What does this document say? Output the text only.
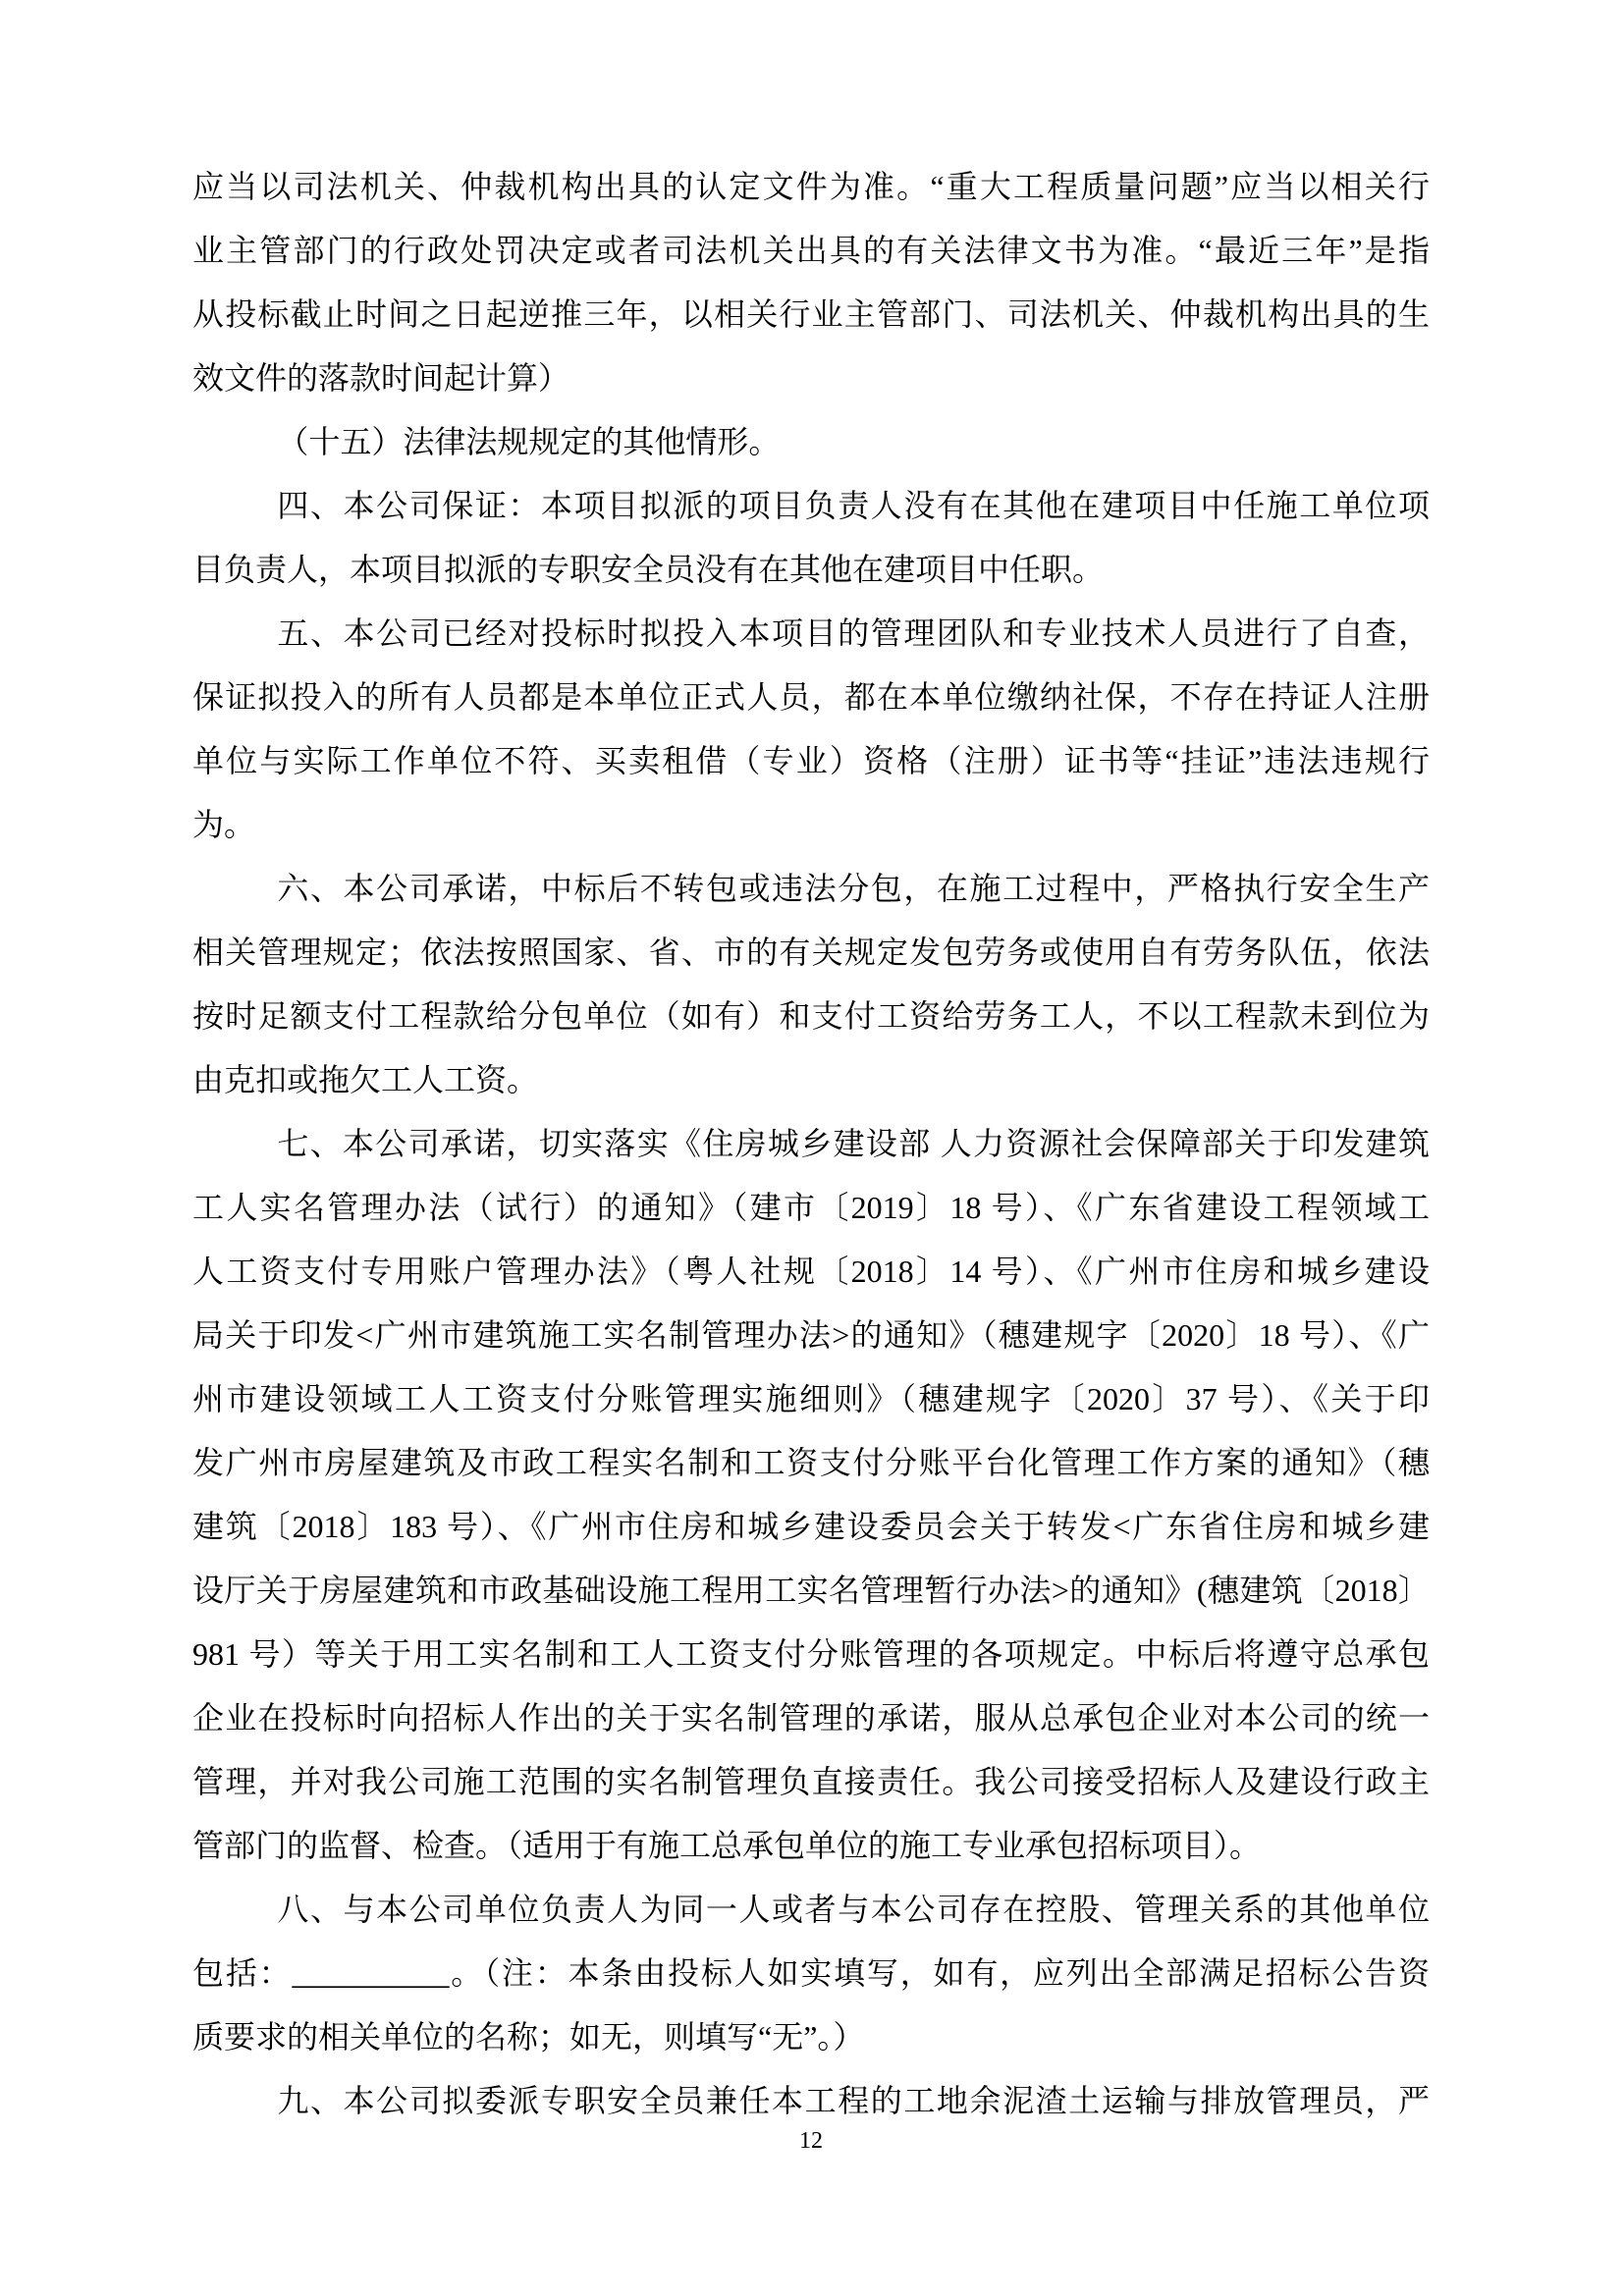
应当以司法机关、仲裁机构出具的认定文件为准。“重大工程质量问题”应当以相关行
业主管部门的行政处罚决定或者司法机关出具的有关法律文书为准。“最近三年”是指
从投标截止时间之日起逆推三年，以相关行业主管部门、司法机关、仲裁机构出具的生
效文件的落款时间起计算）
（十五）法律法规规定的其他情形。
四、本公司保证：本项目拟派的项目负责人没有在其他在建项目中任施工单位项
目负责人，本项目拟派的专职安全员没有在其他在建项目中任职。
五、本公司已经对投标时拟投入本项目的管理团队和专业技术人员进行了自查，
保证拟投入的所有人员都是本单位正式人员，都在本单位缴纳社保，不存在持证人注册
单位与实际工作单位不符、买卖租借（专业）资格（注册）证书等“挂证”违法违规行
为。
六、本公司承诺，中标后不转包或违法分包，在施工过程中，严格执行安全生产
相关管理规定；依法按照国家、省、市的有关规定发包劳务或使用自有劳务队伍，依法
按时足额支付工程款给分包单位（如有）和支付工资给劳务工人，不以工程款未到位为
由克扣或拖欠工人工资。
七、本公司承诺，切实落实《住房城乡建设部 人力资源社会保障部关于印发建筑
工人实名管理办法（试行）的通知》（建市〔2019〕18 号）、《广东省建设工程领域工
人工资支付专用账户管理办法》（粤人社规〔2018〕14 号）、《广州市住房和城乡建设
局关于印发<广州市建筑施工实名制管理办法>的通知》（穗建规字〔2020〕18 号）、《广
州市建设领域工人工资支付分账管理实施细则》（穗建规字〔2020〕37 号）、《关于印
发广州市房屋建筑及市政工程实名制和工资支付分账平台化管理工作方案的通知》（穗
建筑〔2018〕183 号）、《广州市住房和城乡建设委员会关于转发<广东省住房和城乡建
设厅关于房屋建筑和市政基础设施工程用工实名管理暂行办法>的通知》(穗建筑〔2018〕
981 号）等关于用工实名制和工人工资支付分账管理的各项规定。中标后将遵守总承包
企业在投标时向招标人作出的关于实名制管理的承诺，服从总承包企业对本公司的统一
管理，并对我公司施工范围的实名制管理负直接责任。我公司接受招标人及建设行政主
管部门的监督、检查。（适用于有施工总承包单位的施工专业承包招标项目）。
八、与本公司单位负责人为同一人或者与本公司存在控股、管理关系的其他单位
包括：__________。（注：本条由投标人如实填写，如有，应列出全部满足招标公告资
质要求的相关单位的名称；如无，则填写“无”。）
九、本公司拟委派专职安全员兼任本工程的工地余泥渣土运输与排放管理员，严
12
